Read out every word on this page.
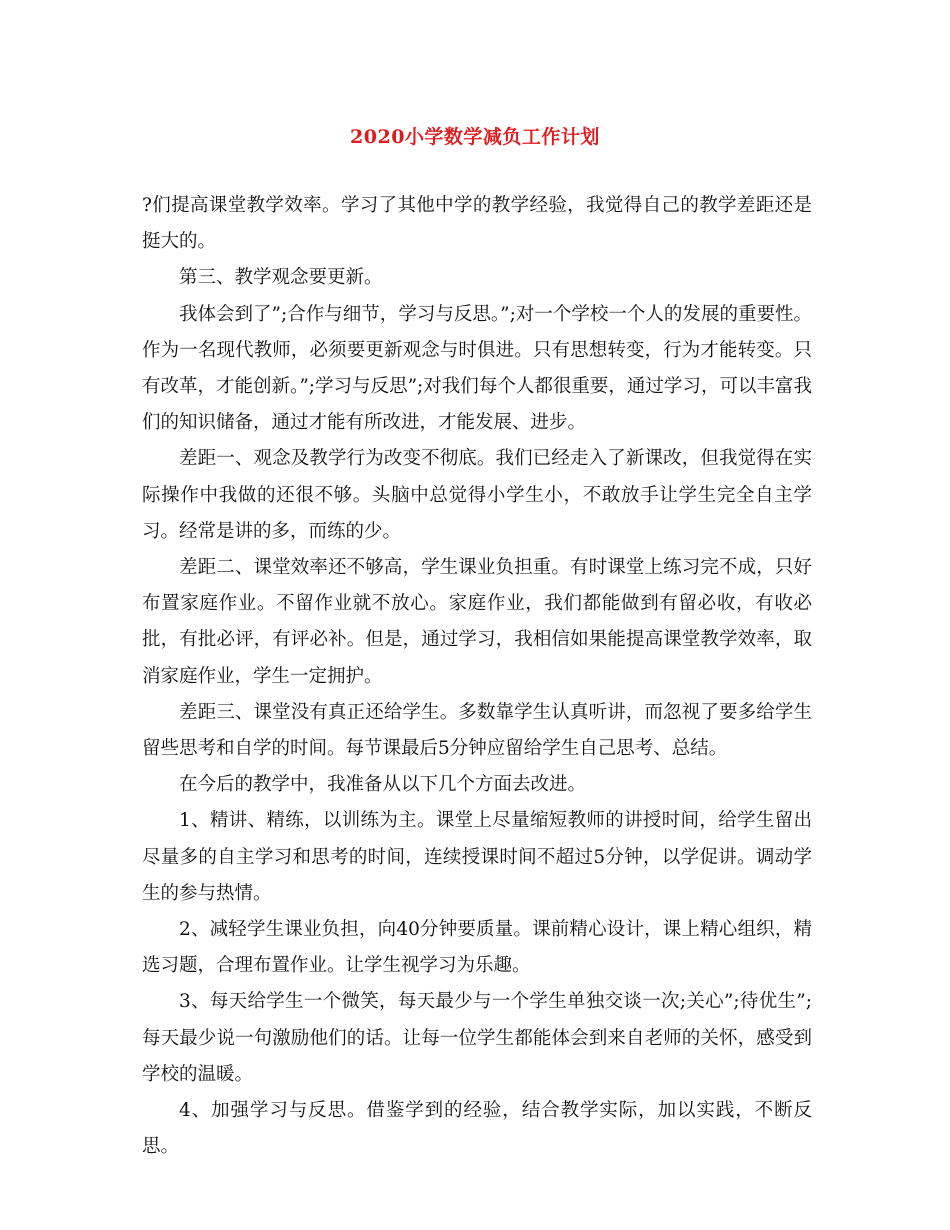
2020小学数学减负工作计划

?们提高课堂教学效率。学习了其他中学的教学经验，我觉得自己的教学差距还是挺大的。

第三、教学观念要更新。

我体会到了”;合作与细节，学习与反思。”;对一个学校一个人的发展的重要性。作为一名现代教师，必须要更新观念与时俱进。只有思想转变，行为才能转变。只有改革，才能创新。”;学习与反思”;对我们每个人都很重要，通过学习，可以丰富我们的知识储备，通过才能有所改进，才能发展、进步。

差距一、观念及教学行为改变不彻底。我们已经走入了新课改，但我觉得在实际操作中我做的还很不够。头脑中总觉得小学生小，不敢放手让学生完全自主学习。经常是讲的多，而练的少。

差距二、课堂效率还不够高，学生课业负担重。有时课堂上练习完不成，只好布置家庭作业。不留作业就不放心。家庭作业，我们都能做到有留必收，有收必批，有批必评，有评必补。但是，通过学习，我相信如果能提高课堂教学效率，取消家庭作业，学生一定拥护。

差距三、课堂没有真正还给学生。多数靠学生认真听讲，而忽视了要多给学生留些思考和自学的时间。每节课最后5分钟应留给学生自己思考、总结。

在今后的教学中，我准备从以下几个方面去改进。

1、精讲、精练，以训练为主。课堂上尽量缩短教师的讲授时间，给学生留出尽量多的自主学习和思考的时间，连续授课时间不超过5分钟，以学促讲。调动学生的参与热情。

2、减轻学生课业负担，向40分钟要质量。课前精心设计，课上精心组织，精选习题，合理布置作业。让学生视学习为乐趣。

3、每天给学生一个微笑，每天最少与一个学生单独交谈一次;关心”;待优生”;每天最少说一句激励他们的话。让每一位学生都能体会到来自老师的关怀，感受到学校的温暖。

4、加强学习与反思。借鉴学到的经验，结合教学实际，加以实践，不断反思。
